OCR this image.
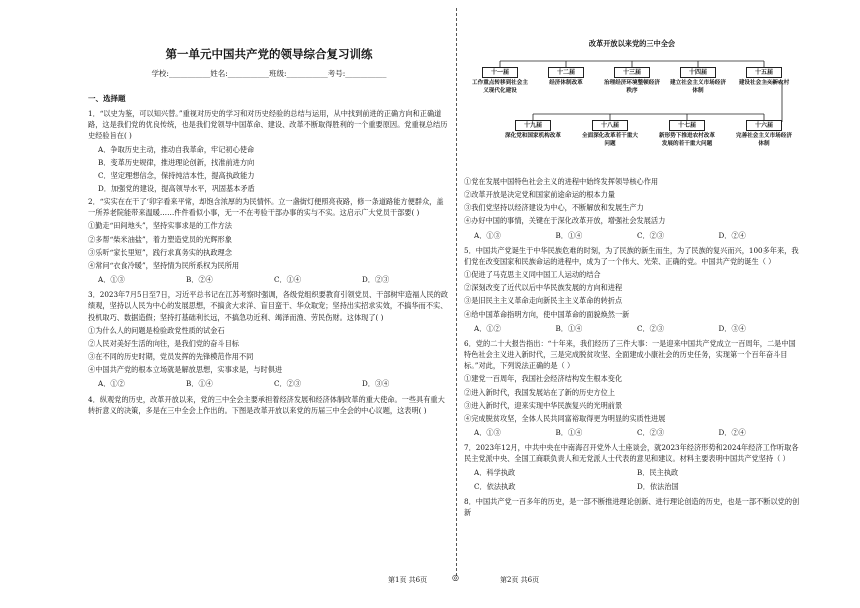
第一单元中国共产党的领导综合复习训练
学校:___________姓名:___________班级:___________考号:___________
一、选择题
1．“以史为鉴，可以知兴替。”重视对历史的学习和对历史经验的总结与运用，从中找到前进的正确方向和正确道路，这是我们党的优良传统，也是我们党领导中国革命、建设、改革不断取得胜利的一个重要原因。党重视总结历史经验旨在( )
A．争取历史主动，推动自我革命，牢记初心使命
B．变革历史规律，推进理论创新，找准前进方向
C．坚定理想信念，保持纯洁本性，提高执政能力
D．加强党的建设，提高领导水平，巩固基本矛盾
2．“实实在在干了‘卯字看来平常，却饱含浓厚的为民情怀。立一盏街灯便照亮夜路，修一条道路能方便群众，盖一所养老院能带来温暖……件件看似小事，无一不在考验干部办事的实与不实。这启示广大党员干部要( )
①勤走“田间地头”，坚持实事求是的工作方法
②多帮“柴米油盐”，着力塑造党员的光辉形象
③乐听“家长里短”，践行求真务实的执政理念
④常问“衣食冷暖”，坚持情为民所系权为民所用
A．①③	B．②④	C．①④	D．②③
3．2023年7月5日至7日，习近平总书记在江苏考察时强调，各级党组织要教育引领党员、干部树牢造福人民的政绩观，坚持以人民为中心的发展思想，不搞贪大求洋、盲目蛮干、华众取宠；坚持出实招求实效，不搞华而不实、投机取巧、数据造假；坚持打基础利长远，不搞急功近利、竭泽而渔、劳民伤财。这体现了( )
①为什么人的问题是检验政党性质的试金石
②人民对美好生活的向往，是我们党的奋斗目标
③在不同的历史时期，党员发挥的先锋模范作用不同
④中国共产党的根本立场就是解放思想，实事求是，与时俱进
A．①②	B．①④	C．②③	D．③④
4．纵观党的历史，改革开放以来，党的三中全会主要承担着经济发展和经济体制改革的重大使命。一些具有重大转折意义的决策，多是在三中全会上作出的。下图是改革开放以来党的历届三中全会的中心议题，这表明( )
改革开放以来党的三中全会
十一届
工作重点转移到社会主义现代化建设
十二届
经济体制改革
十三届
治理经济环境整顿经济秩序
十四届
建立社会主义市场经济体制
十五届
建设社会主义新农村
十九届
深化党和国家机构改革
十八届
全面深化改革若干重大问题
十七届
新形势下推进农村改革发展的若干重大问题
十六届
完善社会主义市场经济体制
①党在发展中国特色社会主义的进程中始终发挥领导核心作用
②改革开放是决定党和国家前途命运的根本力量
③我们党坚持以经济建设为中心，不断解放和发展生产力
④办好中国的事情，关键在于深化改革开放，增强社会发展活力
A．①③	B．①④	C．②③	D．②④
5．中国共产党诞生于中华民族危难的时刻，为了民族的新生而生，为了民族的复兴而兴，100多年来，我们党在改变国家和民族命运的进程中，成为了一个伟大、光荣、正确的党。中国共产党的诞生（ ）
①促进了马克思主义同中国工人运动的结合
②深刻改变了近代以后中华民族发展的方向和进程
③是旧民主主义革命走向新民主主义革命的转折点
④给中国革命指明方向，使中国革命的面貌焕然一新
A．①②	B．①④	C．②③	D．③④
6．党的二十大报告指出：“十年来，我们经历了三件大事：一是迎来中国共产党成立一百周年，二是中国特色社会主义进入新时代，三是完成脱贫攻坚、全面建成小康社会的历史任务，实现第一个百年奋斗目标。”对此，下列说法正确的是（ ）
①建党一百周年，我国社会经济结构发生根本变化
②进入新时代，我国发展站在了新的历史方位上
③进入新时代，迎来实现中华民族复兴的光明前景
④完成脱贫攻坚，全体人民共同富裕取得更为明显的实质性进展
A．①③	B．①④	C．②③	D．②④
7．2023年12月，中共中央在中南海召开党外人士座谈会，就2023年经济形势和2024年经济工作听取各民主党派中央、全国工商联负责人和无党派人士代表的意见和建议。材料主要表明中国共产党坚持（ ）
A．科学执政	B．民主执政
C．依法执政	D．依法治国
8．中国共产党一百多年的历史，是一部不断推进理论创新、进行理论创造的历史，也是一部不断以党的创新
第1页 共6页	◎	第2页 共6页
